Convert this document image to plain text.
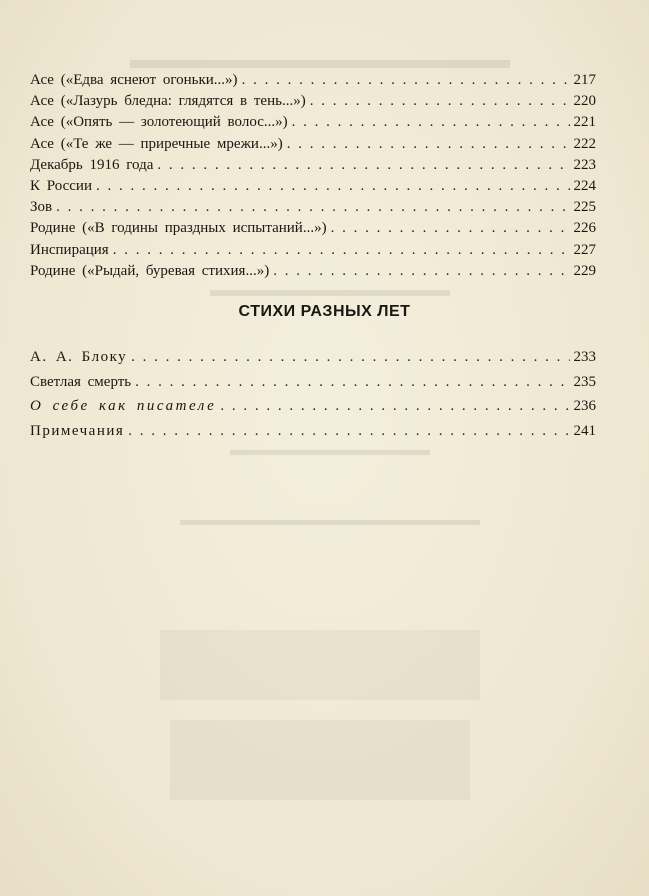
Асе («Едва яснеют огоньки...») . . .	217
Асе («Лазурь бледна: глядятся в тень...») . . .	220
Асе («Опять — золотеющий волос...») . . .	221
Асе («Те же — приречные мрежи...») . . .	222
Декабрь 1916 года . . .	223
К России . . .	224
Зов . . .	225
Родине («В годины праздных испытаний...») . . .	226
Инспирация . . .	227
Родине («Рыдай, буревая стихия...») . . .	229
СТИХИ РАЗНЫХ ЛЕТ
А. А. Блоку . . .	233
Светлая смерть . . .	235
О себе как писателе . . .	236
Примечания . . .	241
